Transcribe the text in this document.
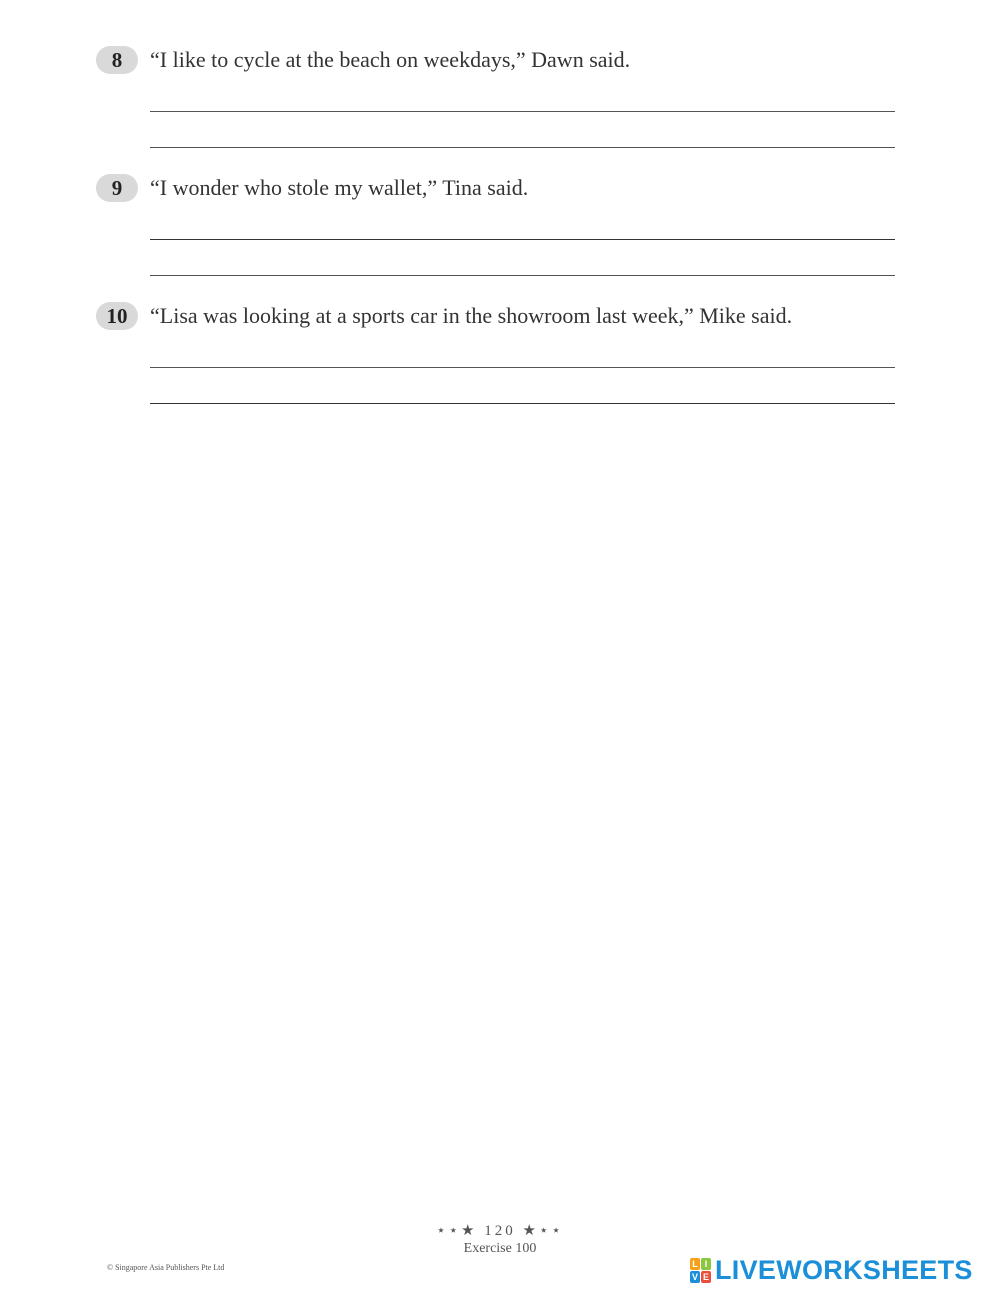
8	“I like to cycle at the beach on weekdays,” Dawn said.
9	“I wonder who stole my wallet,” Tina said.
10	“Lisa was looking at a sports car in the showroom last week,” Mike said.
⋆⋆★ 120 ★⋆⋆
Exercise 100
© Singapore Asia Publishers Pte Ltd	L I
V E LIVEWORKSHEETS
